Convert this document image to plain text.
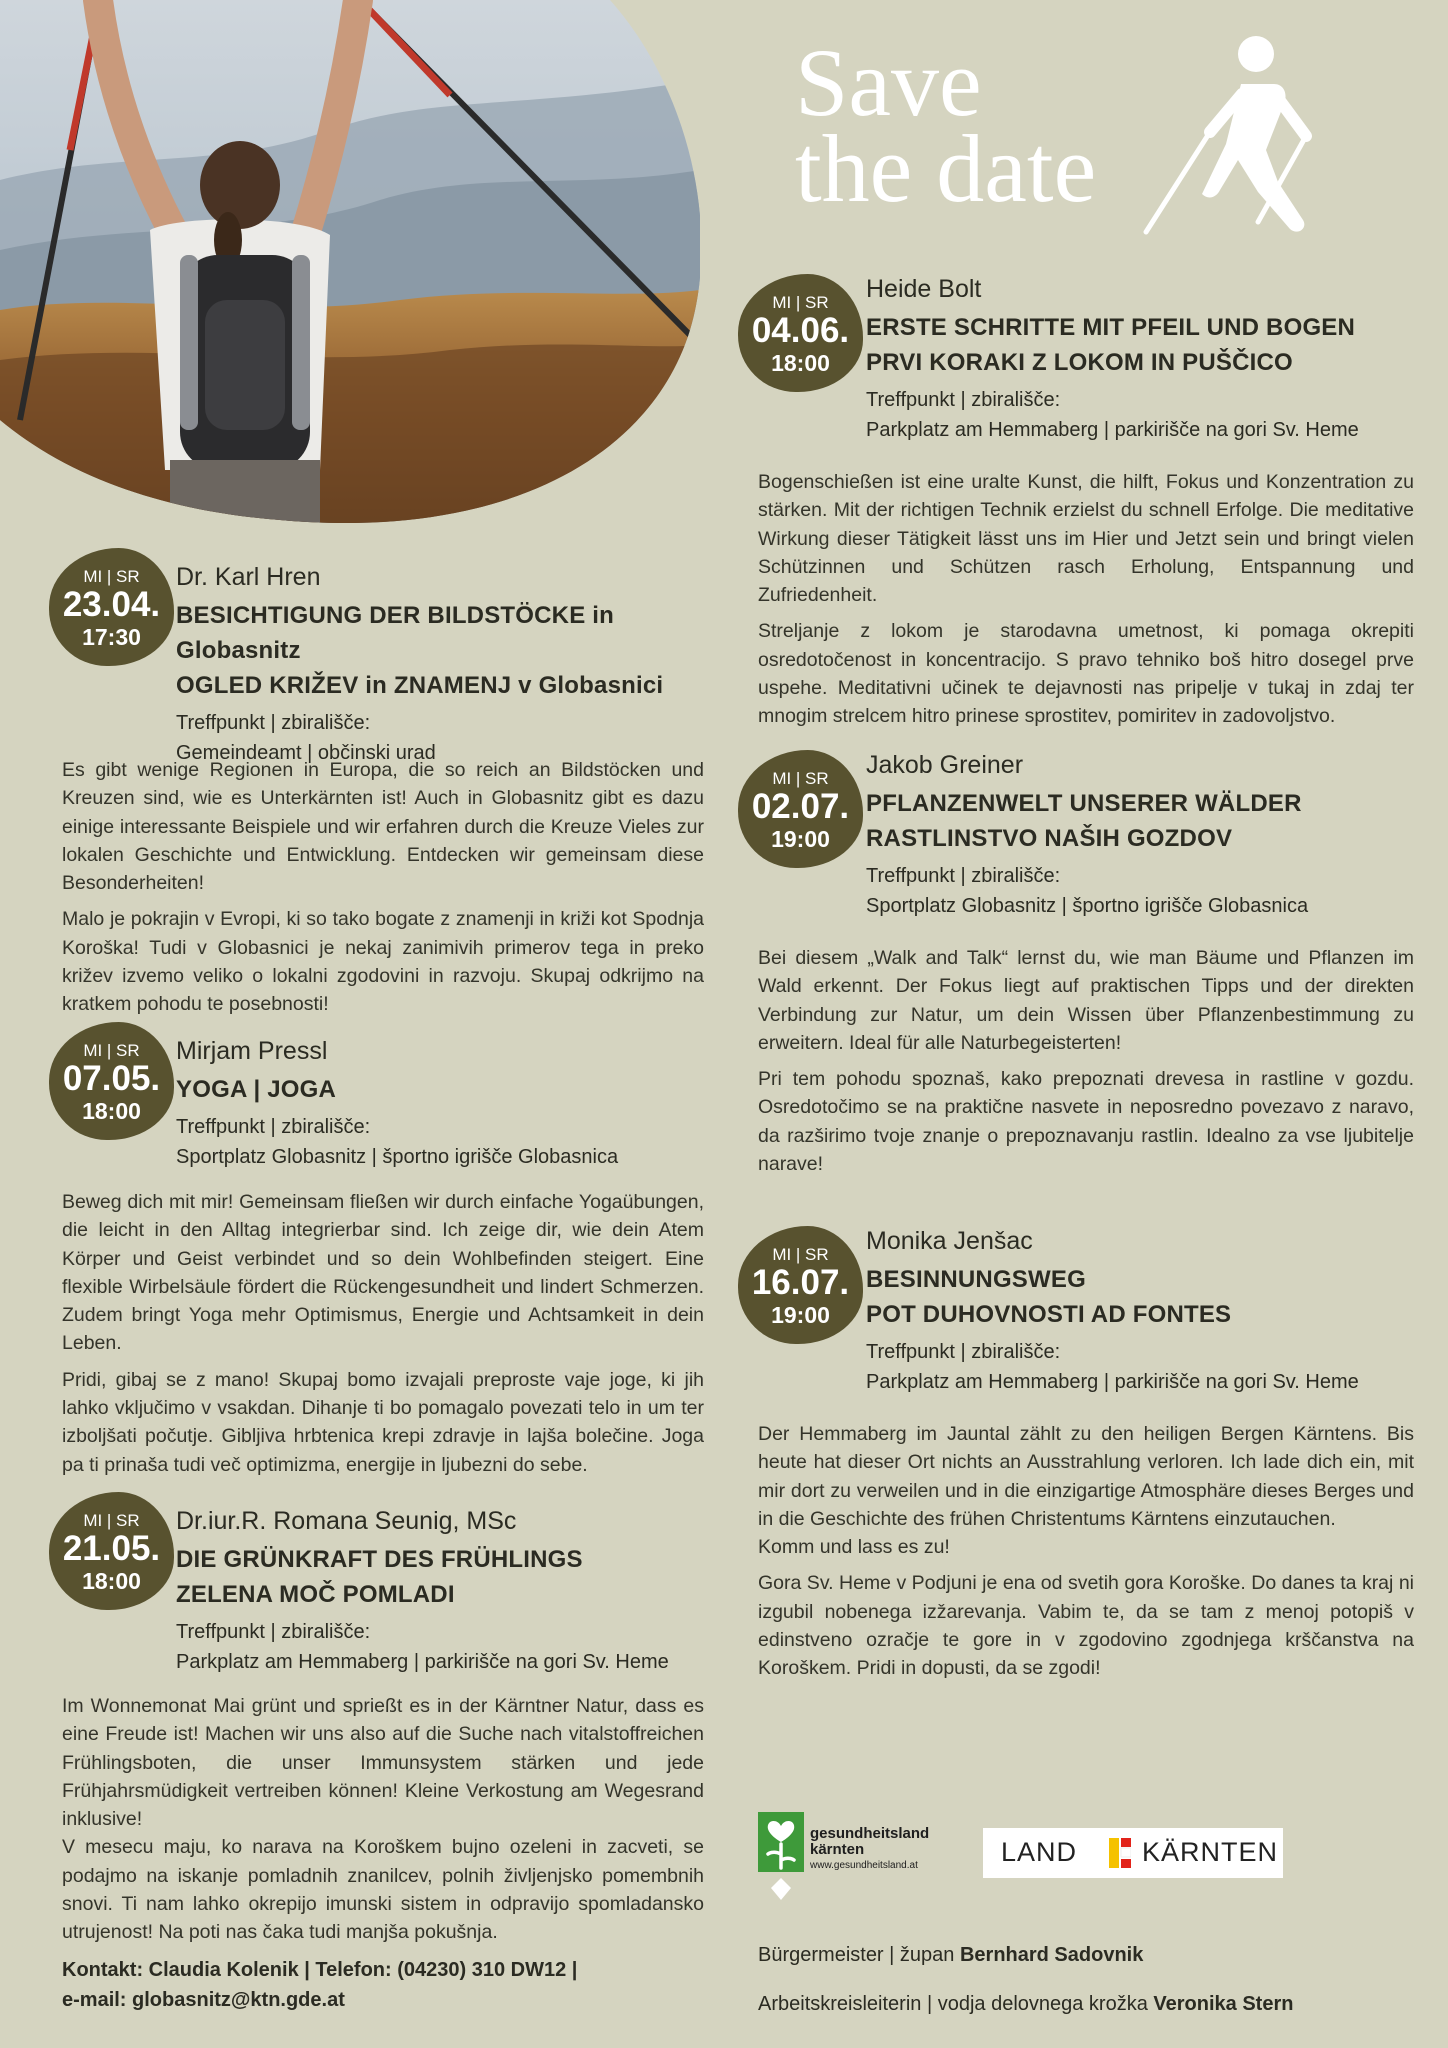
Save
the date
MI | SR
23.04.
17:30
Dr. Karl Hren
BESICHTIGUNG DER BILDSTÖCKE in Globasnitz
OGLED KRIŽEV in ZNAMENJ v Globasnici
Treffpunkt | zbirališče:
Gemeindeamt | občinski urad

Es gibt wenige Regionen in Europa, die so reich an Bildstöcken und Kreuzen sind, wie es Unterkärnten ist! Auch in Globasnitz gibt es dazu einige interessante Beispiele und wir erfahren durch die Kreuze Vieles zur lokalen Geschichte und Entwicklung. Entdecken wir gemeinsam diese Besonderheiten!

Malo je pokrajin v Evropi, ki so tako bogate z znamenji in križi kot Spodnja Koroška! Tudi v Globasnici je nekaj zanimivih primerov tega in preko križev izvemo veliko o lokalni zgodovini in razvoju. Skupaj odkrijmo na kratkem pohodu te posebnosti!

MI | SR
07.05.
18:00
Mirjam Pressl
YOGA | JOGA
Treffpunkt | zbirališče:
Sportplatz Globasnitz | športno igrišče Globasnica

Beweg dich mit mir! Gemeinsam fließen wir durch einfache Yogaübungen, die leicht in den Alltag integrierbar sind. Ich zeige dir, wie dein Atem Körper und Geist verbindet und so dein Wohlbefinden steigert. Eine flexible Wirbelsäule fördert die Rückengesundheit und lindert Schmerzen. Zudem bringt Yoga mehr Optimismus, Energie und Achtsamkeit in dein Leben.

Pridi, gibaj se z mano! Skupaj bomo izvajali preproste vaje joge, ki jih lahko vključimo v vsakdan. Dihanje ti bo pomagalo povezati telo in um ter izboljšati počutje. Gibljiva hrbtenica krepi zdravje in lajša bolečine. Joga pa ti prinaša tudi več optimizma, energije in ljubezni do sebe.

MI | SR
21.05.
18:00
Dr.iur.R. Romana Seunig, MSc
DIE GRÜNKRAFT DES FRÜHLINGS
ZELENA MOČ POMLADI
Treffpunkt | zbirališče:
Parkplatz am Hemmaberg | parkirišče na gori Sv. Heme

Im Wonnemonat Mai grünt und sprießt es in der Kärntner Natur, dass es eine Freude ist! Machen wir uns also auf die Suche nach vitalstoffreichen Frühlingsboten, die unser Immunsystem stärken und jede Frühjahrsmüdigkeit vertreiben können! Kleine Verkostung am Wegesrand inklusive!

V mesecu maju, ko narava na Koroškem bujno ozeleni in zacveti, se podajmo na iskanje pomladnih znanilcev, polnih življenjsko pomembnih snovi. Ti nam lahko okrepijo imunski sistem in odpravijo spomladansko utrujenost! Na poti nas čaka tudi manjša pokušnja.

Kontakt: Claudia Kolenik | Telefon: (04230) 310 DW12 |
e-mail: globasnitz@ktn.gde.at
MI | SR
04.06.
18:00
Heide Bolt
ERSTE SCHRITTE MIT PFEIL UND BOGEN
PRVI KORAKI Z LOKOM IN PUŠČICO
Treffpunkt | zbirališče:
Parkplatz am Hemmaberg | parkirišče na gori Sv. Heme

Bogenschießen ist eine uralte Kunst, die hilft, Fokus und Konzentration zu stärken. Mit der richtigen Technik erzielst du schnell Erfolge. Die meditative Wirkung dieser Tätigkeit lässt uns im Hier und Jetzt sein und bringt vielen Schützinnen und Schützen rasch Erholung, Entspannung und Zufriedenheit.

Streljanje z lokom je starodavna umetnost, ki pomaga okrepiti osredotočenost in koncentracijo. S pravo tehniko boš hitro dosegel prve uspehe. Meditativni učinek te dejavnosti nas pripelje v tukaj in zdaj ter mnogim strelcem hitro prinese sprostitev, pomiritev in zadovoljstvo.

MI | SR
02.07.
19:00
Jakob Greiner
PFLANZENWELT UNSERER WÄLDER
RASTLINSTVO NAŠIH GOZDOV
Treffpunkt | zbirališče:
Sportplatz Globasnitz | športno igrišče Globasnica

Bei diesem „Walk and Talk“ lernst du, wie man Bäume und Pflanzen im Wald erkennt. Der Fokus liegt auf praktischen Tipps und der direkten Verbindung zur Natur, um dein Wissen über Pflanzenbestimmung zu erweitern. Ideal für alle Naturbegeisterten!

Pri tem pohodu spoznaš, kako prepoznati drevesa in rastline v gozdu. Osredotočimo se na praktične nasvete in neposredno povezavo z naravo, da razširimo tvoje znanje o prepoznavanju rastlin. Idealno za vse ljubitelje narave!

MI | SR
16.07.
19:00
Monika Jenšac
BESINNUNGSWEG
POT DUHOVNOSTI AD FONTES
Treffpunkt | zbirališče:
Parkplatz am Hemmaberg | parkirišče na gori Sv. Heme

Der Hemmaberg im Jauntal zählt zu den heiligen Bergen Kärntens. Bis heute hat dieser Ort nichts an Ausstrahlung verloren. Ich lade dich ein, mit mir dort zu verweilen und in die einzigartige Atmosphäre dieses Berges und in die Geschichte des frühen Christentums Kärntens einzutauchen.

Komm und lass es zu!

Gora Sv. Heme v Podjuni je ena od svetih gora Koroške. Do danes ta kraj ni izgubil nobenega izžarevanja. Vabim te, da se tam z menoj potopiš v edinstveno ozračje te gore in v zgodovino zgodnjega krščanstva na Koroškem. Pridi in dopusti, da se zgodi!

gesundheitsland
kärnten
www.gesundheitsland.at	LAND KÄRNTEN
Bürgermeister | župan Bernhard Sadovnik
Arbeitskreisleiterin | vodja delovnega krožka Veronika Stern
